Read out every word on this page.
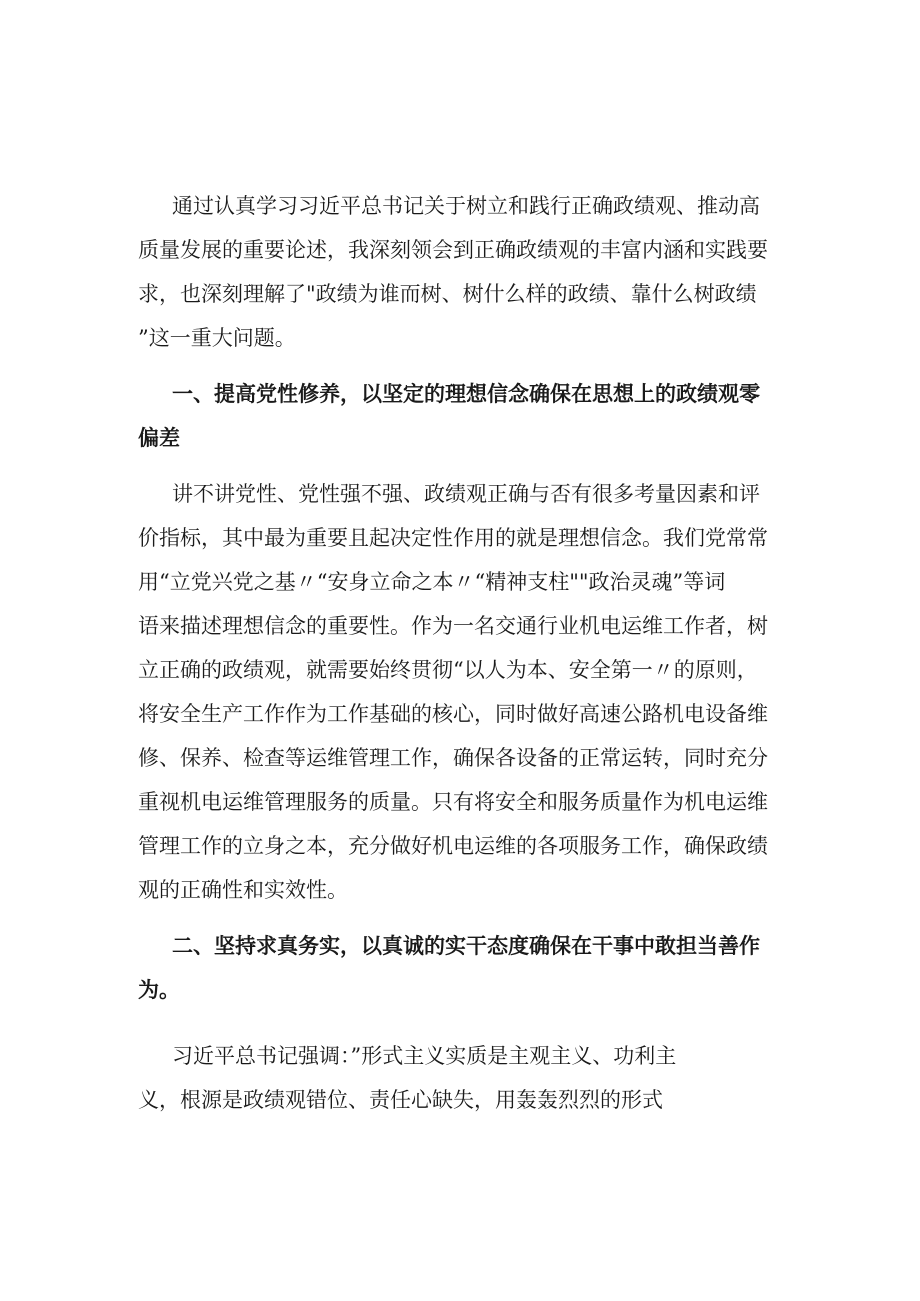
通过认真学习习近平总书记关于树立和践行正确政绩观、推动高
质量发展的重要论述，我深刻领会到正确政绩观的丰富内涵和实践要
求，也深刻理解了"政绩为谁而树、树什么样的政绩、靠什么树政绩
”这一重大问题。
一、提高党性修养，以坚定的理想信念确保在思想上的政绩观零
偏差
讲不讲党性、党性强不强、政绩观正确与否有很多考量因素和评
价指标，其中最为重要且起决定性作用的就是理想信念。我们党常常
用“立党兴党之基〃“安身立命之本〃“精神支柱""政治灵魂”等词
语来描述理想信念的重要性。作为一名交通行业机电运维工作者，树
立正确的政绩观，就需要始终贯彻“以人为本、安全第一〃的原则，
将安全生产工作作为工作基础的核心，同时做好高速公路机电设备维
修、保养、检查等运维管理工作，确保各设备的正常运转，同时充分
重视机电运维管理服务的质量。只有将安全和服务质量作为机电运维
管理工作的立身之本，充分做好机电运维的各项服务工作，确保政绩
观的正确性和实效性。
二、坚持求真务实，以真诚的实干态度确保在干事中敢担当善作
为。
习近平总书记强调：”形式主义实质是主观主义、功利主
义，根源是政绩观错位、责任心缺失，用轰轰烈烈的形式
